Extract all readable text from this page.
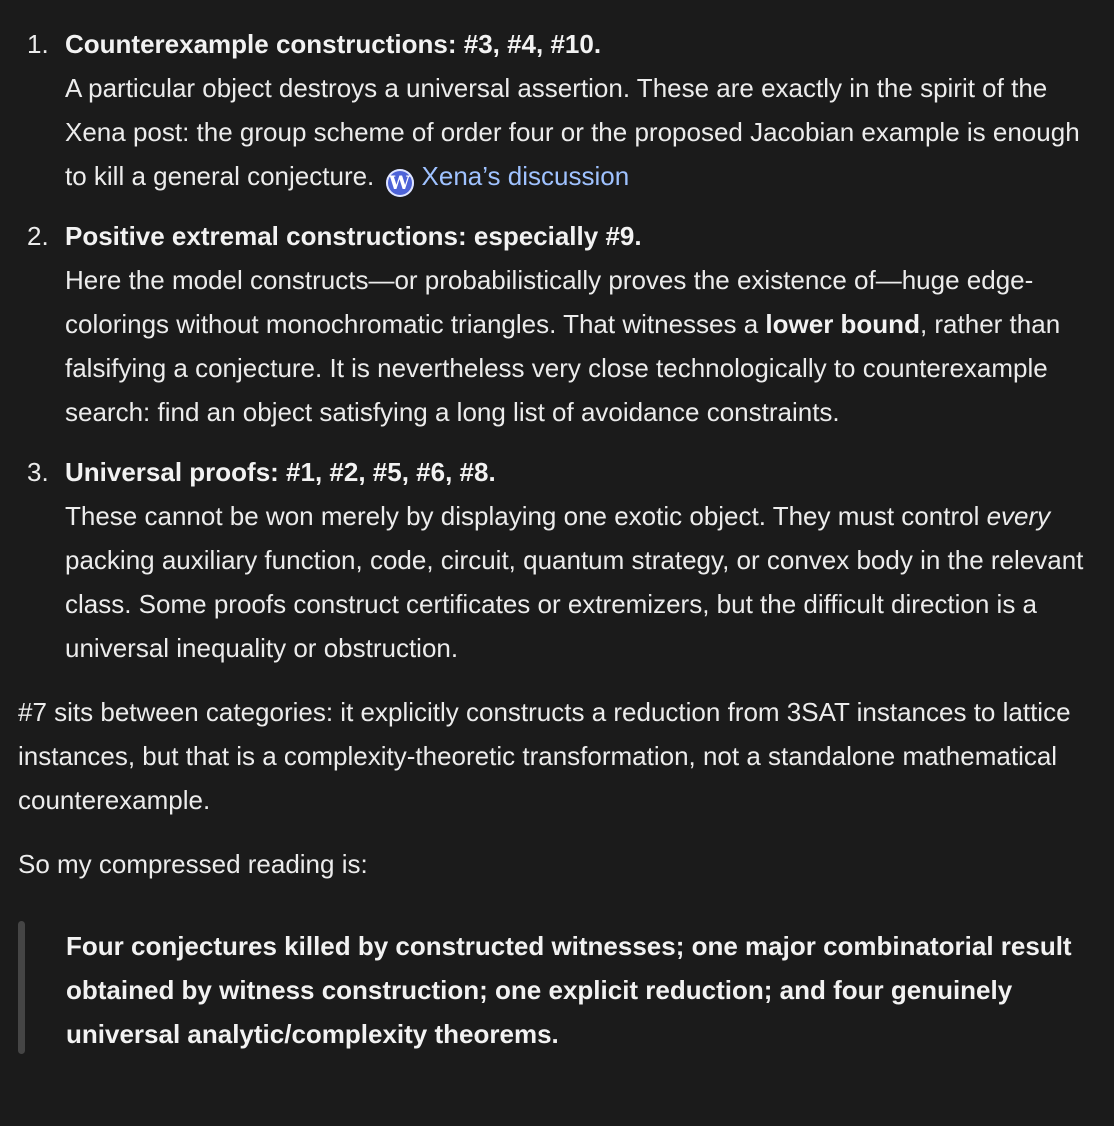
1. Counterexample constructions: #3, #4, #10.
A particular object destroys a universal assertion. These are exactly in the spirit of the Xena post: the group scheme of order four or the proposed Jacobian example is enough to kill a general conjecture. W Xena’s discussion
2. Positive extremal constructions: especially #9.
Here the model constructs—or probabilistically proves the existence of—huge edge-colorings without monochromatic triangles. That witnesses a lower bound, rather than falsifying a conjecture. It is nevertheless very close technologically to counterexample search: find an object satisfying a long list of avoidance constraints.
3. Universal proofs: #1, #2, #5, #6, #8.
These cannot be won merely by displaying one exotic object. They must control every packing auxiliary function, code, circuit, quantum strategy, or convex body in the relevant class. Some proofs construct certificates or extremizers, but the difficult direction is a universal inequality or obstruction.

#7 sits between categories: it explicitly constructs a reduction from 3SAT instances to lattice instances, but that is a complexity-theoretic transformation, not a standalone mathematical counterexample.

So my compressed reading is:

Four conjectures killed by constructed witnesses; one major combinatorial result obtained by witness construction; one explicit reduction; and four genuinely universal analytic/complexity theorems.
